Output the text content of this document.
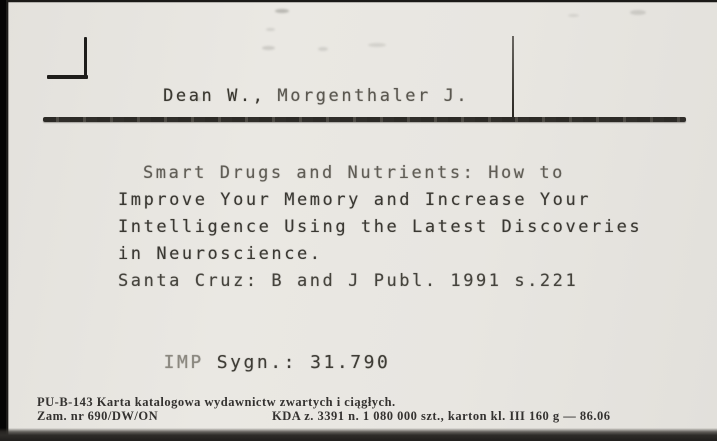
Dean W., Morgenthaler J.

Smart Drugs and Nutrients: How to
Improve Your Memory and Increase Your
Intelligence Using the Latest Discoveries
in Neuroscience.
Santa Cruz: B and J Publ. 1991 s.221

IMP Sygn.: 31.790

PU-B-143 Karta katalogowa wydawnictw zwartych i ciągłych.
Zam. nr 690/DW/ON	KDA z. 3391 n. 1 080 000 szt., karton kl. III 160 g — 86.06
